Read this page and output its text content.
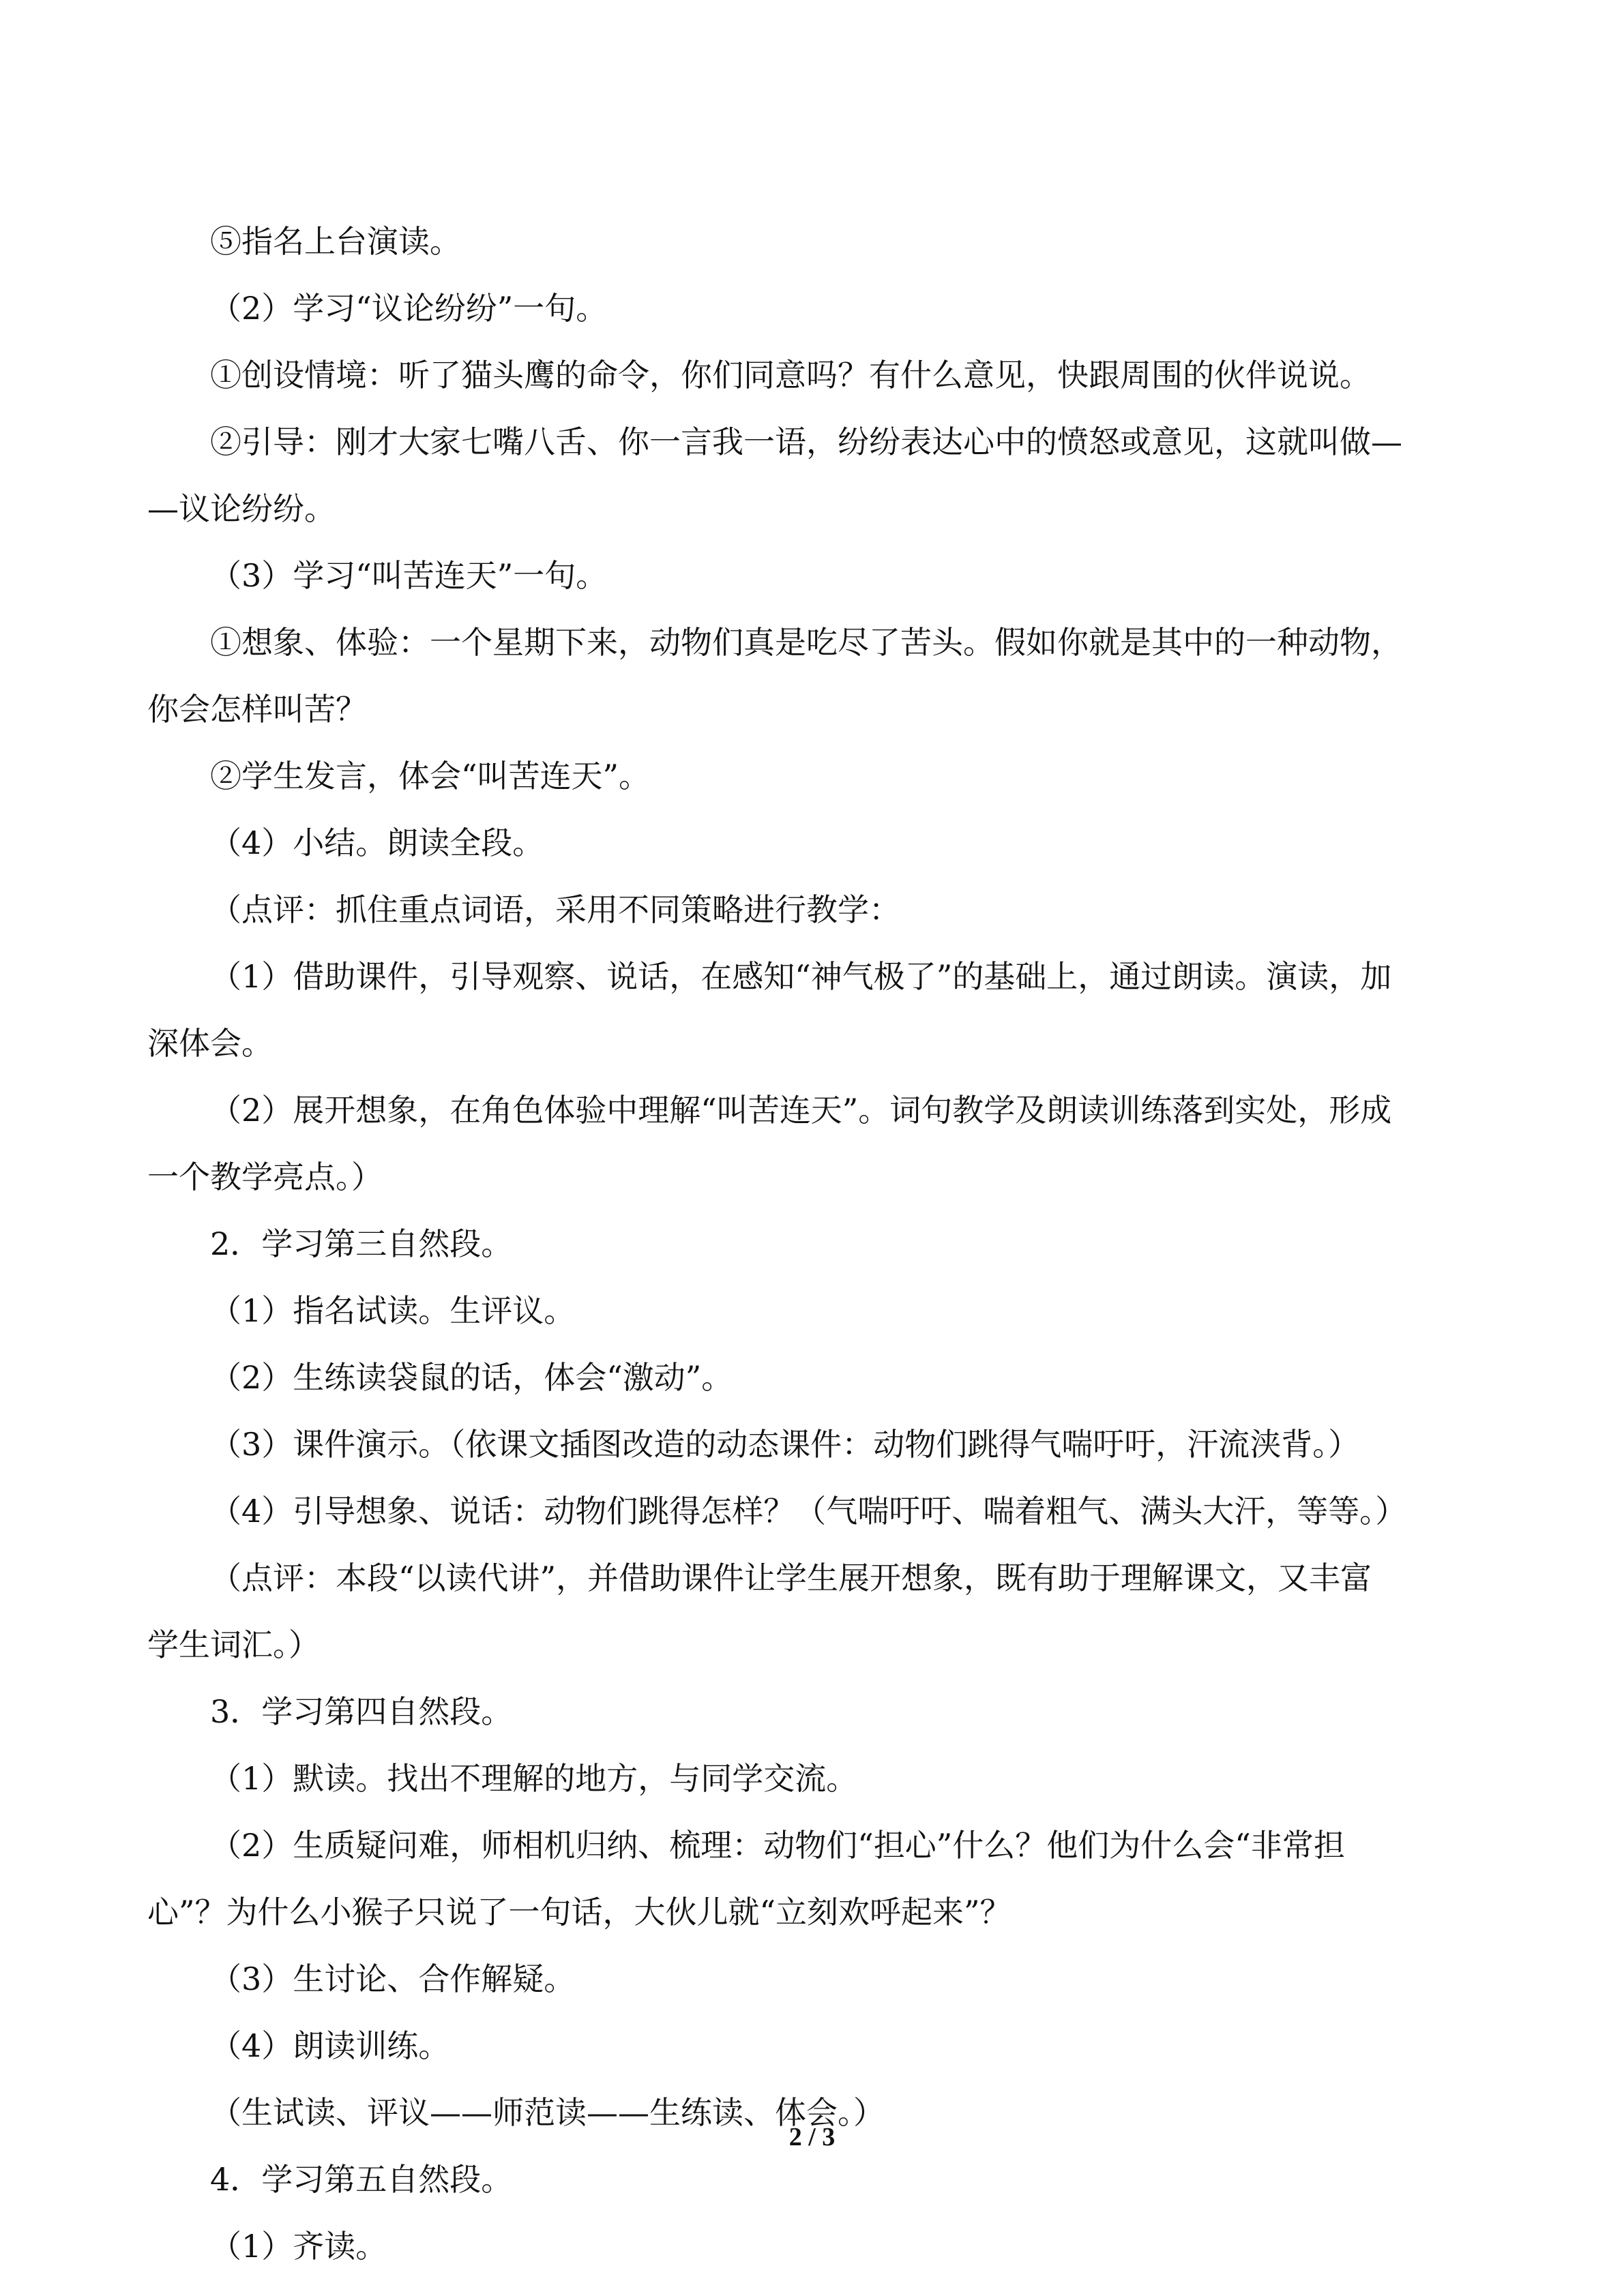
⑤指名上台演读。

（2）学习“议论纷纷”一句。

①创设情境：听了猫头鹰的命令，你们同意吗？有什么意见，快跟周围的伙伴说说。

②引导：刚才大家七嘴八舌、你一言我一语，纷纷表达心中的愤怒或意见，这就叫做—

—议论纷纷。

（3）学习“叫苦连天”一句。

①想象、体验：一个星期下来，动物们真是吃尽了苦头。假如你就是其中的一种动物，

你会怎样叫苦？

②学生发言，体会“叫苦连天”。

（4）小结。朗读全段。

（点评：抓住重点词语，采用不同策略进行教学：

（1）借助课件，引导观察、说话，在感知“神气极了”的基础上，通过朗读。演读，加

深体会。

（2）展开想象，在角色体验中理解“叫苦连天”。词句教学及朗读训练落到实处，形成

一个教学亮点。）

2．学习第三自然段。

（1）指名试读。生评议。

（2）生练读袋鼠的话，体会“激动”。

（3）课件演示。（依课文插图改造的动态课件：动物们跳得气喘吁吁，汗流浃背。）

（4）引导想象、说话：动物们跳得怎样？（气喘吁吁、喘着粗气、满头大汗，等等。）

（点评：本段“以读代讲”，并借助课件让学生展开想象，既有助于理解课文，又丰富

学生词汇。）

3．学习第四自然段。

（1）默读。找出不理解的地方，与同学交流。

（2）生质疑问难，师相机归纳、梳理：动物们“担心”什么？他们为什么会“非常担

心”？为什么小猴子只说了一句话，大伙儿就“立刻欢呼起来”？

（3）生讨论、合作解疑。

（4）朗读训练。

（生试读、评议——师范读——生练读、体会。）

4．学习第五自然段。

（1）齐读。

2 / 3
